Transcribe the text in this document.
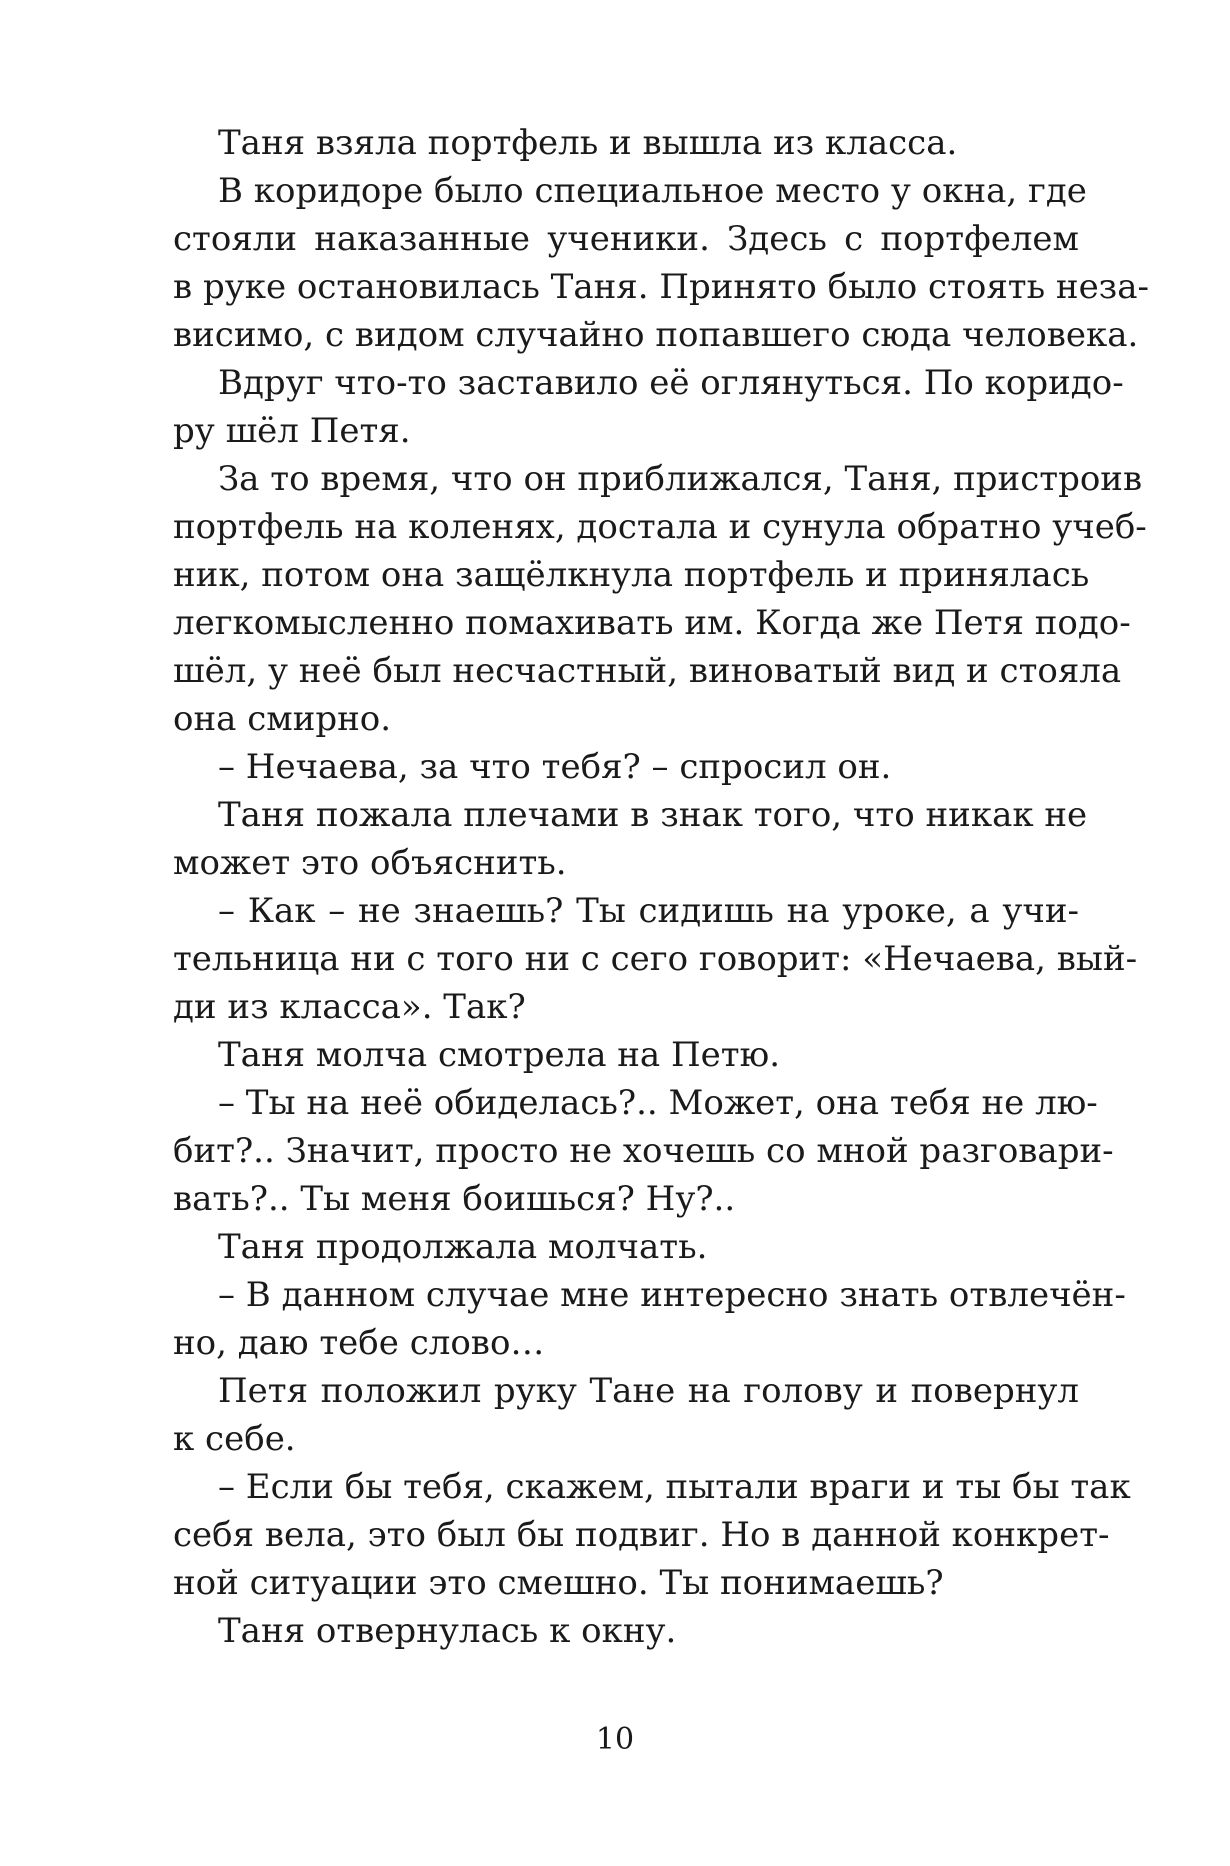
Таня взяла портфель и вышла из класса.
В коридоре было специальное место у окна, где
стояли наказанные ученики. Здесь с портфелем
в руке остановилась Таня. Принято было стоять неза-
висимо, с видом случайно попавшего сюда человека.
Вдруг что-то заставило её оглянуться. По коридо-
ру шёл Петя.
За то время, что он приближался, Таня, пристроив
портфель на коленях, достала и сунула обратно учеб-
ник, потом она защёлкнула портфель и принялась
легкомысленно помахивать им. Когда же Петя подо-
шёл, у неё был несчастный, виноватый вид и стояла
она смирно.
– Нечаева, за что тебя? – спросил он.
Таня пожала плечами в знак того, что никак не
может это объяснить.
– Как – не знаешь? Ты сидишь на уроке, а учи-
тельница ни с того ни с сего говорит: «Нечаева, вый-
ди из класса». Так?
Таня молча смотрела на Петю.
– Ты на неё обиделась?.. Может, она тебя не лю-
бит?.. Значит, просто не хочешь со мной разговари-
вать?.. Ты меня боишься? Ну?..
Таня продолжала молчать.
– В данном случае мне интересно знать отвлечён-
но, даю тебе слово…
Петя положил руку Тане на голову и повернул
к себе.
– Если бы тебя, скажем, пытали враги и ты бы так
себя вела, это был бы подвиг. Но в данной конкрет-
ной ситуации это смешно. Ты понимаешь?
Таня отвернулась к окну.
10
